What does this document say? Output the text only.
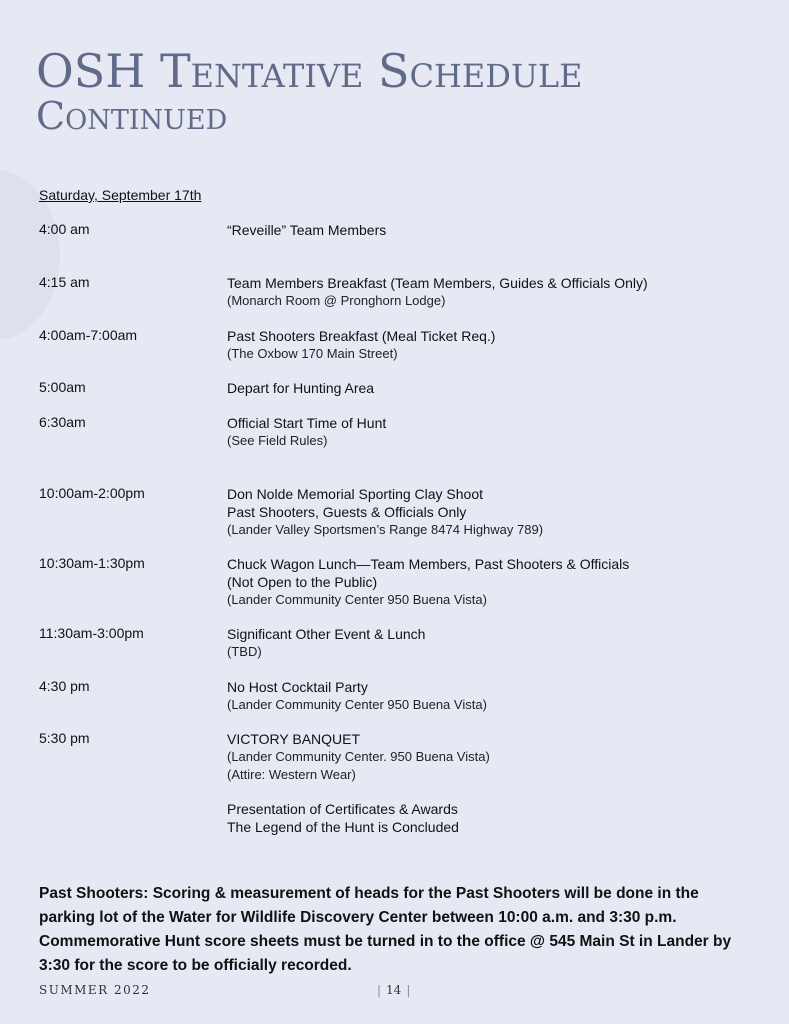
OSH Tentative Schedule
Continued

Saturday, September 17th

4:00 am	“Reveille” Team Members
4:15 am	Team Members Breakfast (Team Members, Guides & Officials Only)
(Monarch Room @ Pronghorn Lodge)
4:00am-7:00am	Past Shooters Breakfast (Meal Ticket Req.)
(The Oxbow 170 Main Street)
5:00am	Depart for Hunting Area
6:30am	Official Start Time of Hunt
(See Field Rules)
10:00am-2:00pm	Don Nolde Memorial Sporting Clay Shoot
Past Shooters, Guests & Officials Only
(Lander Valley Sportsmen’s Range 8474 Highway 789)
10:30am-1:30pm	Chuck Wagon Lunch—Team Members, Past Shooters & Officials
(Not Open to the Public)
(Lander Community Center 950 Buena Vista)
11:30am-3:00pm	Significant Other Event & Lunch
(TBD)
4:30 pm	No Host Cocktail Party
(Lander Community Center 950 Buena Vista)
5:30 pm	VICTORY BANQUET
(Lander Community Center. 950 Buena Vista)
(Attire: Western Wear)
Presentation of Certificates & Awards
The Legend of the Hunt is Concluded

Past Shooters: Scoring & measurement of heads for the Past Shooters will be done in the parking lot of the Water for Wildlife Discovery Center between 10:00 a.m. and 3:30 p.m. Commemorative Hunt score sheets must be turned in to the office @ 545 Main St in Lander by 3:30 for the score to be officially recorded.

SUMMER 2022	| 14 |
